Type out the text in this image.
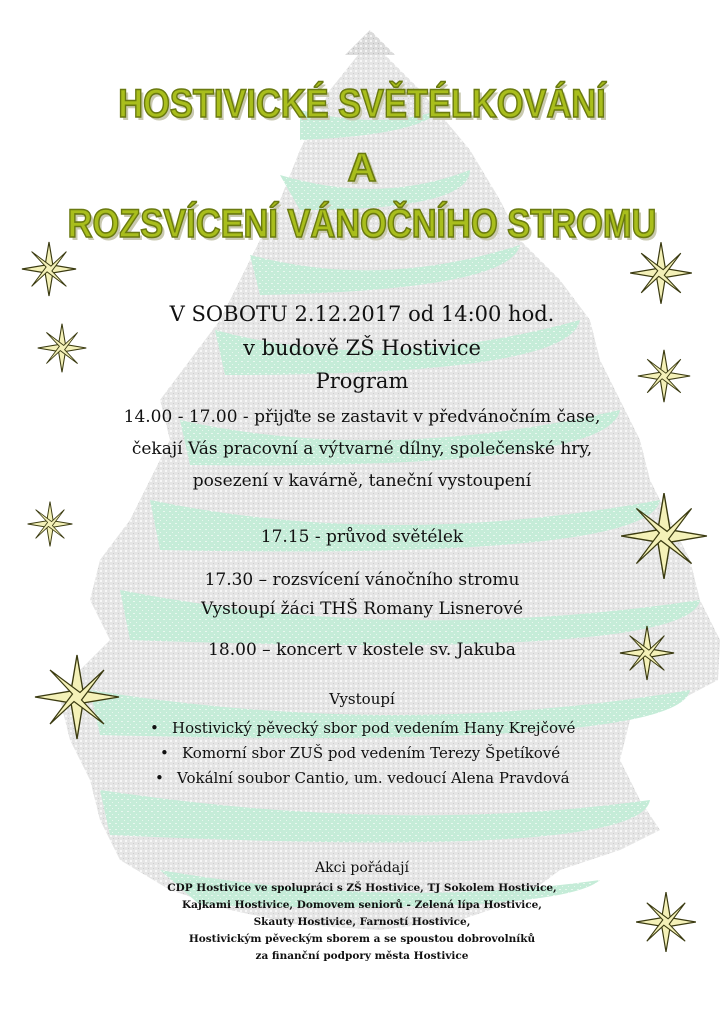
HOSTIVICKÉ SVĚTÉLKOVÁNÍ
A
ROZSVÍCENÍ VÁNOČNÍHO STROMU
V SOBOTU 2.12.2017 od 14:00 hod.
v budově ZŠ Hostivice
Program
14.00 - 17.00 - přijďte se zastavit v předvánočním čase,
čekají Vás pracovní a výtvarné dílny, společenské hry,
posezení v kavárně, taneční vystoupení
17.15 - průvod světélek
17.30 – rozsvícení vánočního stromu
Vystoupí žáci THŠ Romany Lisnerové
18.00 – koncert v kostele sv. Jakuba
Vystoupí
• Hostivický pěvecký sbor pod vedením Hany Krejčové
• Komorní sbor ZUŠ pod vedením Terezy Špetíkové
• Vokální soubor Cantio, um. vedoucí Alena Pravdová
Akci pořádají
CDP Hostivice ve spolupráci s ZŠ Hostivice, TJ Sokolem Hostivice,
Kajkami Hostivice, Domovem seniorů - Zelená lípa Hostivice,
Skauty Hostivice, Farností Hostivice,
Hostivickým pěveckým sborem a se spoustou dobrovolníků
za finanční podpory města Hostivice
